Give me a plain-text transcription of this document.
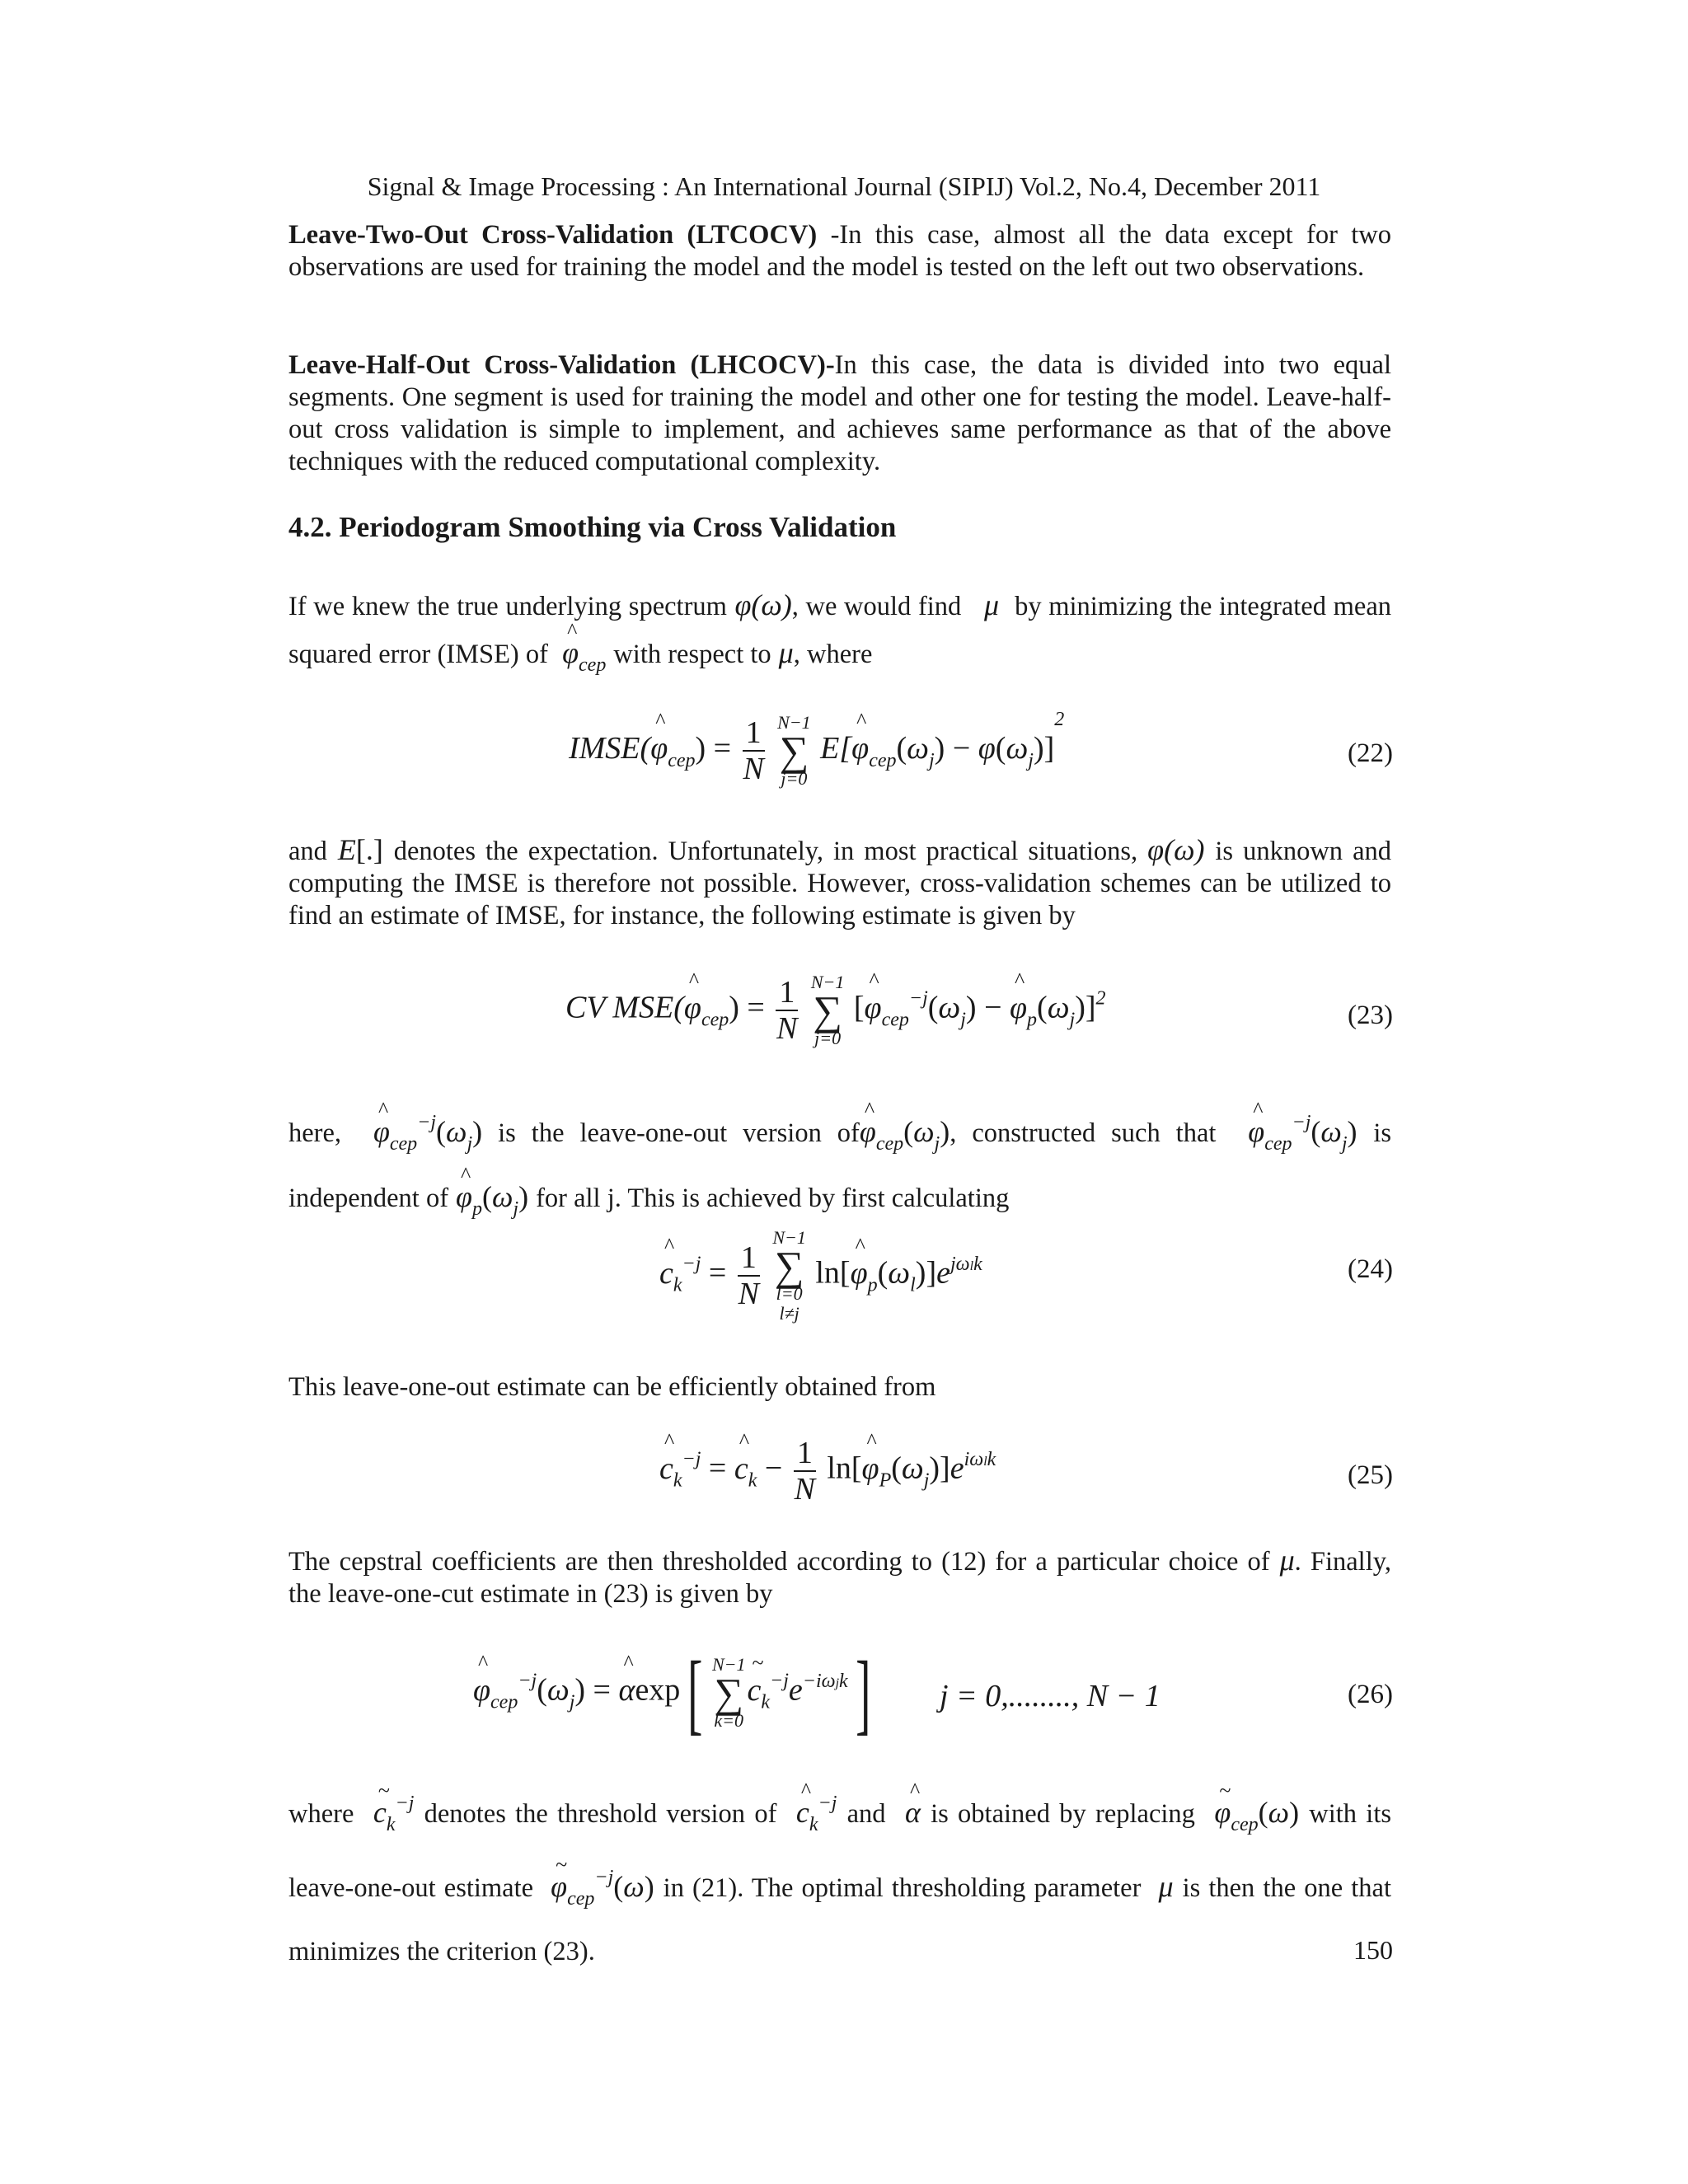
Signal & Image Processing : An International Journal (SIPIJ) Vol.2, No.4, December 2011
Leave-Two-Out Cross-Validation (LTCOCV) -In this case, almost all the data except for two observations are used for training the model and the model is tested on the left out two observations.
Leave-Half-Out Cross-Validation (LHCOCV)-In this case, the data is divided into two equal segments. One segment is used for training the model and other one for testing the model. Leave-half-out cross validation is simple to implement, and achieves same performance as that of the above techniques with the reduced computational complexity.
4.2. Periodogram Smoothing via Cross Validation
If we knew the true underlying spectrum φ(ω), we would find   μ  by minimizing the integrated mean squared error (IMSE) of ^ $\varphi_{cep}$ with respect to μ, where
IMSE(^ $\varphi_{cep}) = \frac{1}{N}$
N−1
∑
j=0
E[^ $\varphi_{cep}(\omega_j) - \varphi(\omega_j)]^2$
(22)
and E[.] denotes the expectation. Unfortunately, in most practical situations, φ(ω) is unknown and computing the IMSE is therefore not possible. However, cross-validation schemes can be utilized to find an estimate of IMSE, for instance, the following estimate is given by
CV MSE(^ $\varphi_{cep}) = \frac{1}{N}$
N−1
∑
j=0
[^ $\varphi_{cep}^{-j}(\omega_j)$ − ^ $\varphi_p(\omega_j)]^2$
(23)
here, ^ $\varphi_{cep}^{-j}(\omega_j)$ is the leave-one-out version of^ $\varphi_{cep}(\omega_j)$, constructed such that ^ $\varphi_{cep}^{-j}(\omega_j)$ is independent of ^ $\varphi_p(\omega_j)$ for all j. This is achieved by first calculating
^ $c_k^{-j} = \frac{1}{N}$

N−1
∑
l=0
l≠j
ln[^ $\varphi_p(\omega_l)]e^{j\omega lk}$	(24)
This leave-one-out estimate can be efficiently obtained from
^ $c_k^{-j}$ = ^ $c_k - \frac{1}{N}$ ln[^ $\varphi_P(\omega_j)]e^{i\omega lk}$
(25)
The cepstral coefficients are then thresholded according to (12) for a particular choice of μ. Finally, the leave-one-cut estimate in (23) is given by
^ $\varphi_{cep}^{-j}(\omega_j)$ = ^ αexp[ N−1
∑
k=0
~ $c_k^{-j}e^{-i\omega jk}$] j = 0,........, N − 1	(26)
where ~ $c_k^{-j}$ denotes the threshold version of ^ $c_k^{-j}$ and ^ α is obtained by replacing ~ $\varphi_{cep}(\omega)$ with its leave-one-out estimate ~ $\varphi_{cep}^{-j}(\omega)$ in (21). The optimal thresholding parameter  μ is then the one that minimizes the criterion (23).	150
